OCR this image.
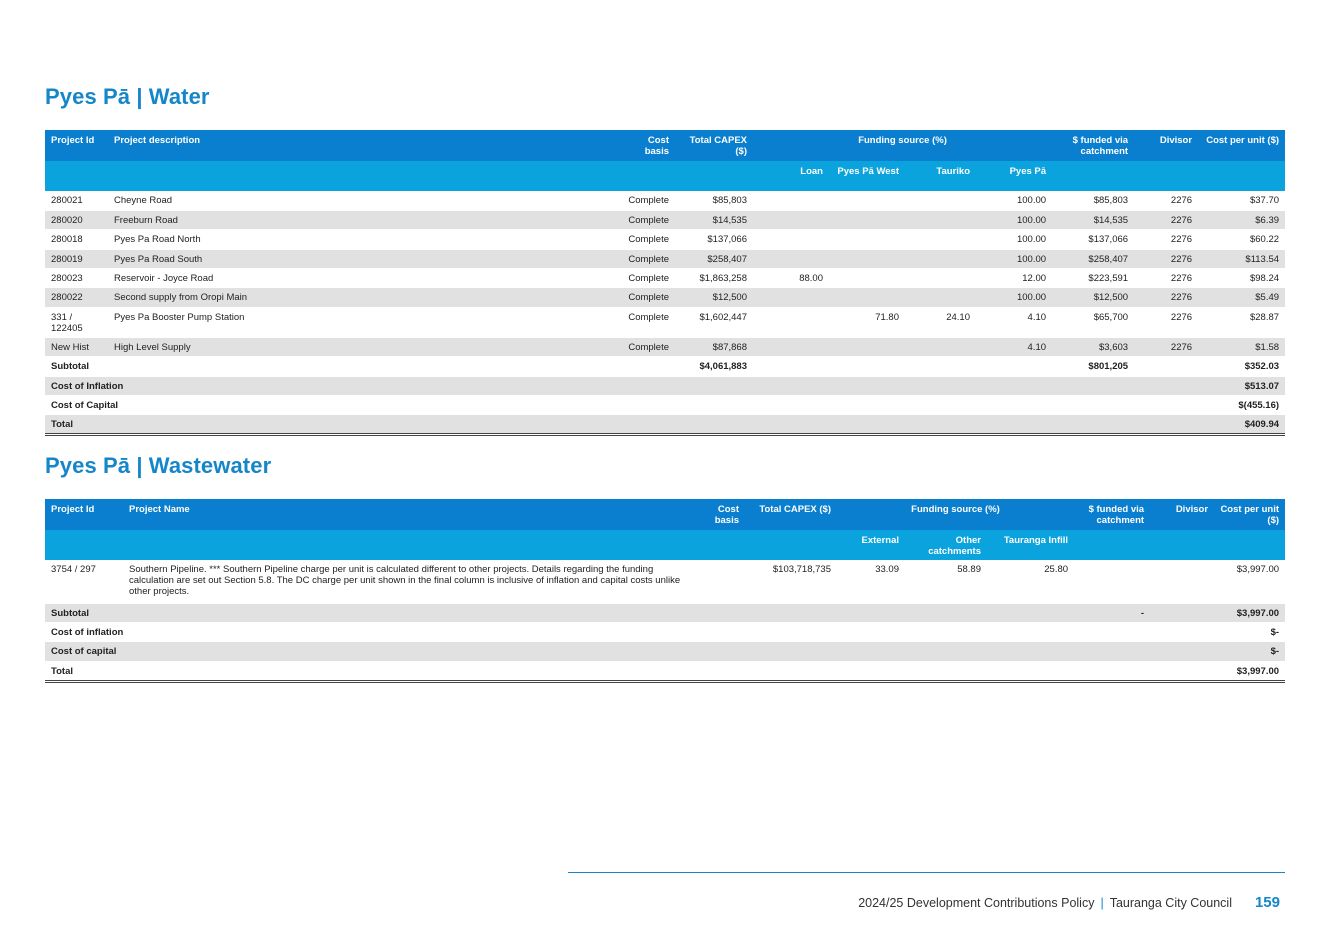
Pyes Pā | Water
Project Id	Project description	Cost basis	Total CAPEX ($)	Funding source (%)				$ funded via catchment	Divisor	Cost per unit ($)
				Loan	Pyes Pā West	Tauriko	Pyes Pā			
280021	Cheyne Road	Complete	$85,803				100.00	$85,803	2276	$37.70
280020	Freeburn Road	Complete	$14,535				100.00	$14,535	2276	$6.39
280018	Pyes Pa Road North	Complete	$137,066				100.00	$137,066	2276	$60.22
280019	Pyes Pa Road South	Complete	$258,407				100.00	$258,407	2276	$113.54
280023	Reservoir - Joyce Road	Complete	$1,863,258	88.00			12.00	$223,591	2276	$98.24
280022	Second supply from Oropi Main	Complete	$12,500				100.00	$12,500	2276	$5.49
331 / 122405	Pyes Pa Booster Pump Station	Complete	$1,602,447		71.80	24.10	4.10	$65,700	2276	$28.87
New Hist	High Level Supply	Complete	$87,868				4.10	$3,603	2276	$1.58
Subtotal			$4,061,883					$801,205		$352.03
Cost of Inflation										$513.07
Cost of Capital										$(455.16)
Total										$409.94
Pyes Pā | Wastewater
Project Id	Project Name	Cost basis	Total CAPEX ($)	Funding source (%)			$ funded via catchment	Divisor	Cost per unit ($)
				External	Other catchments	Tauranga Infill			
3754 / 297	Southern Pipeline. *** Southern Pipeline charge per unit is calculated different to other projects. Details regarding the funding calculation are set out Section 5.8. The DC charge per unit shown in the final column is inclusive of inflation and capital costs unlike other projects.		$103,718,735	33.09	58.89	25.80			$3,997.00
Subtotal							-		$3,997.00
Cost of inflation									$-
Cost of capital									$-
Total									$3,997.00
2024/25 Development Contributions Policy | Tauranga City Council 159
